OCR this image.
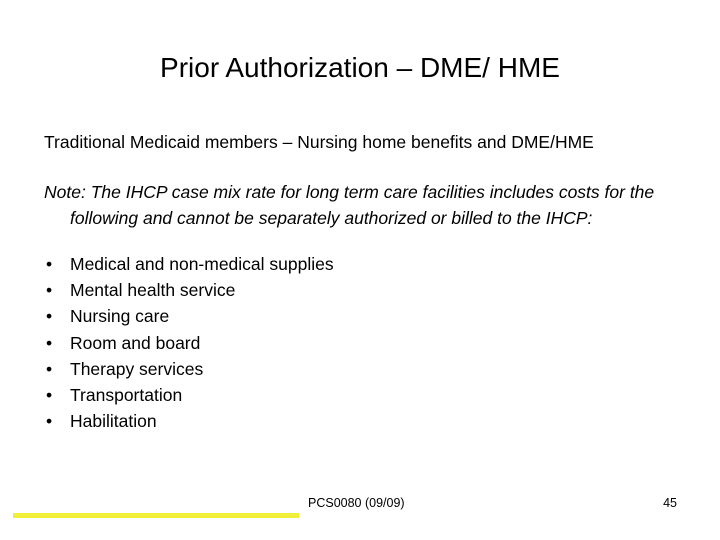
Prior Authorization – DME/ HME

Traditional Medicaid members – Nursing home benefits and DME/HME

Note: The IHCP case mix rate for long term care facilities includes costs for the following and cannot be separately authorized or billed to the IHCP:

• Medical and non-medical supplies
• Mental health service
• Nursing care
• Room and board
• Therapy services
• Transportation
• Habilitation
PCS0080 (09/09)	45
